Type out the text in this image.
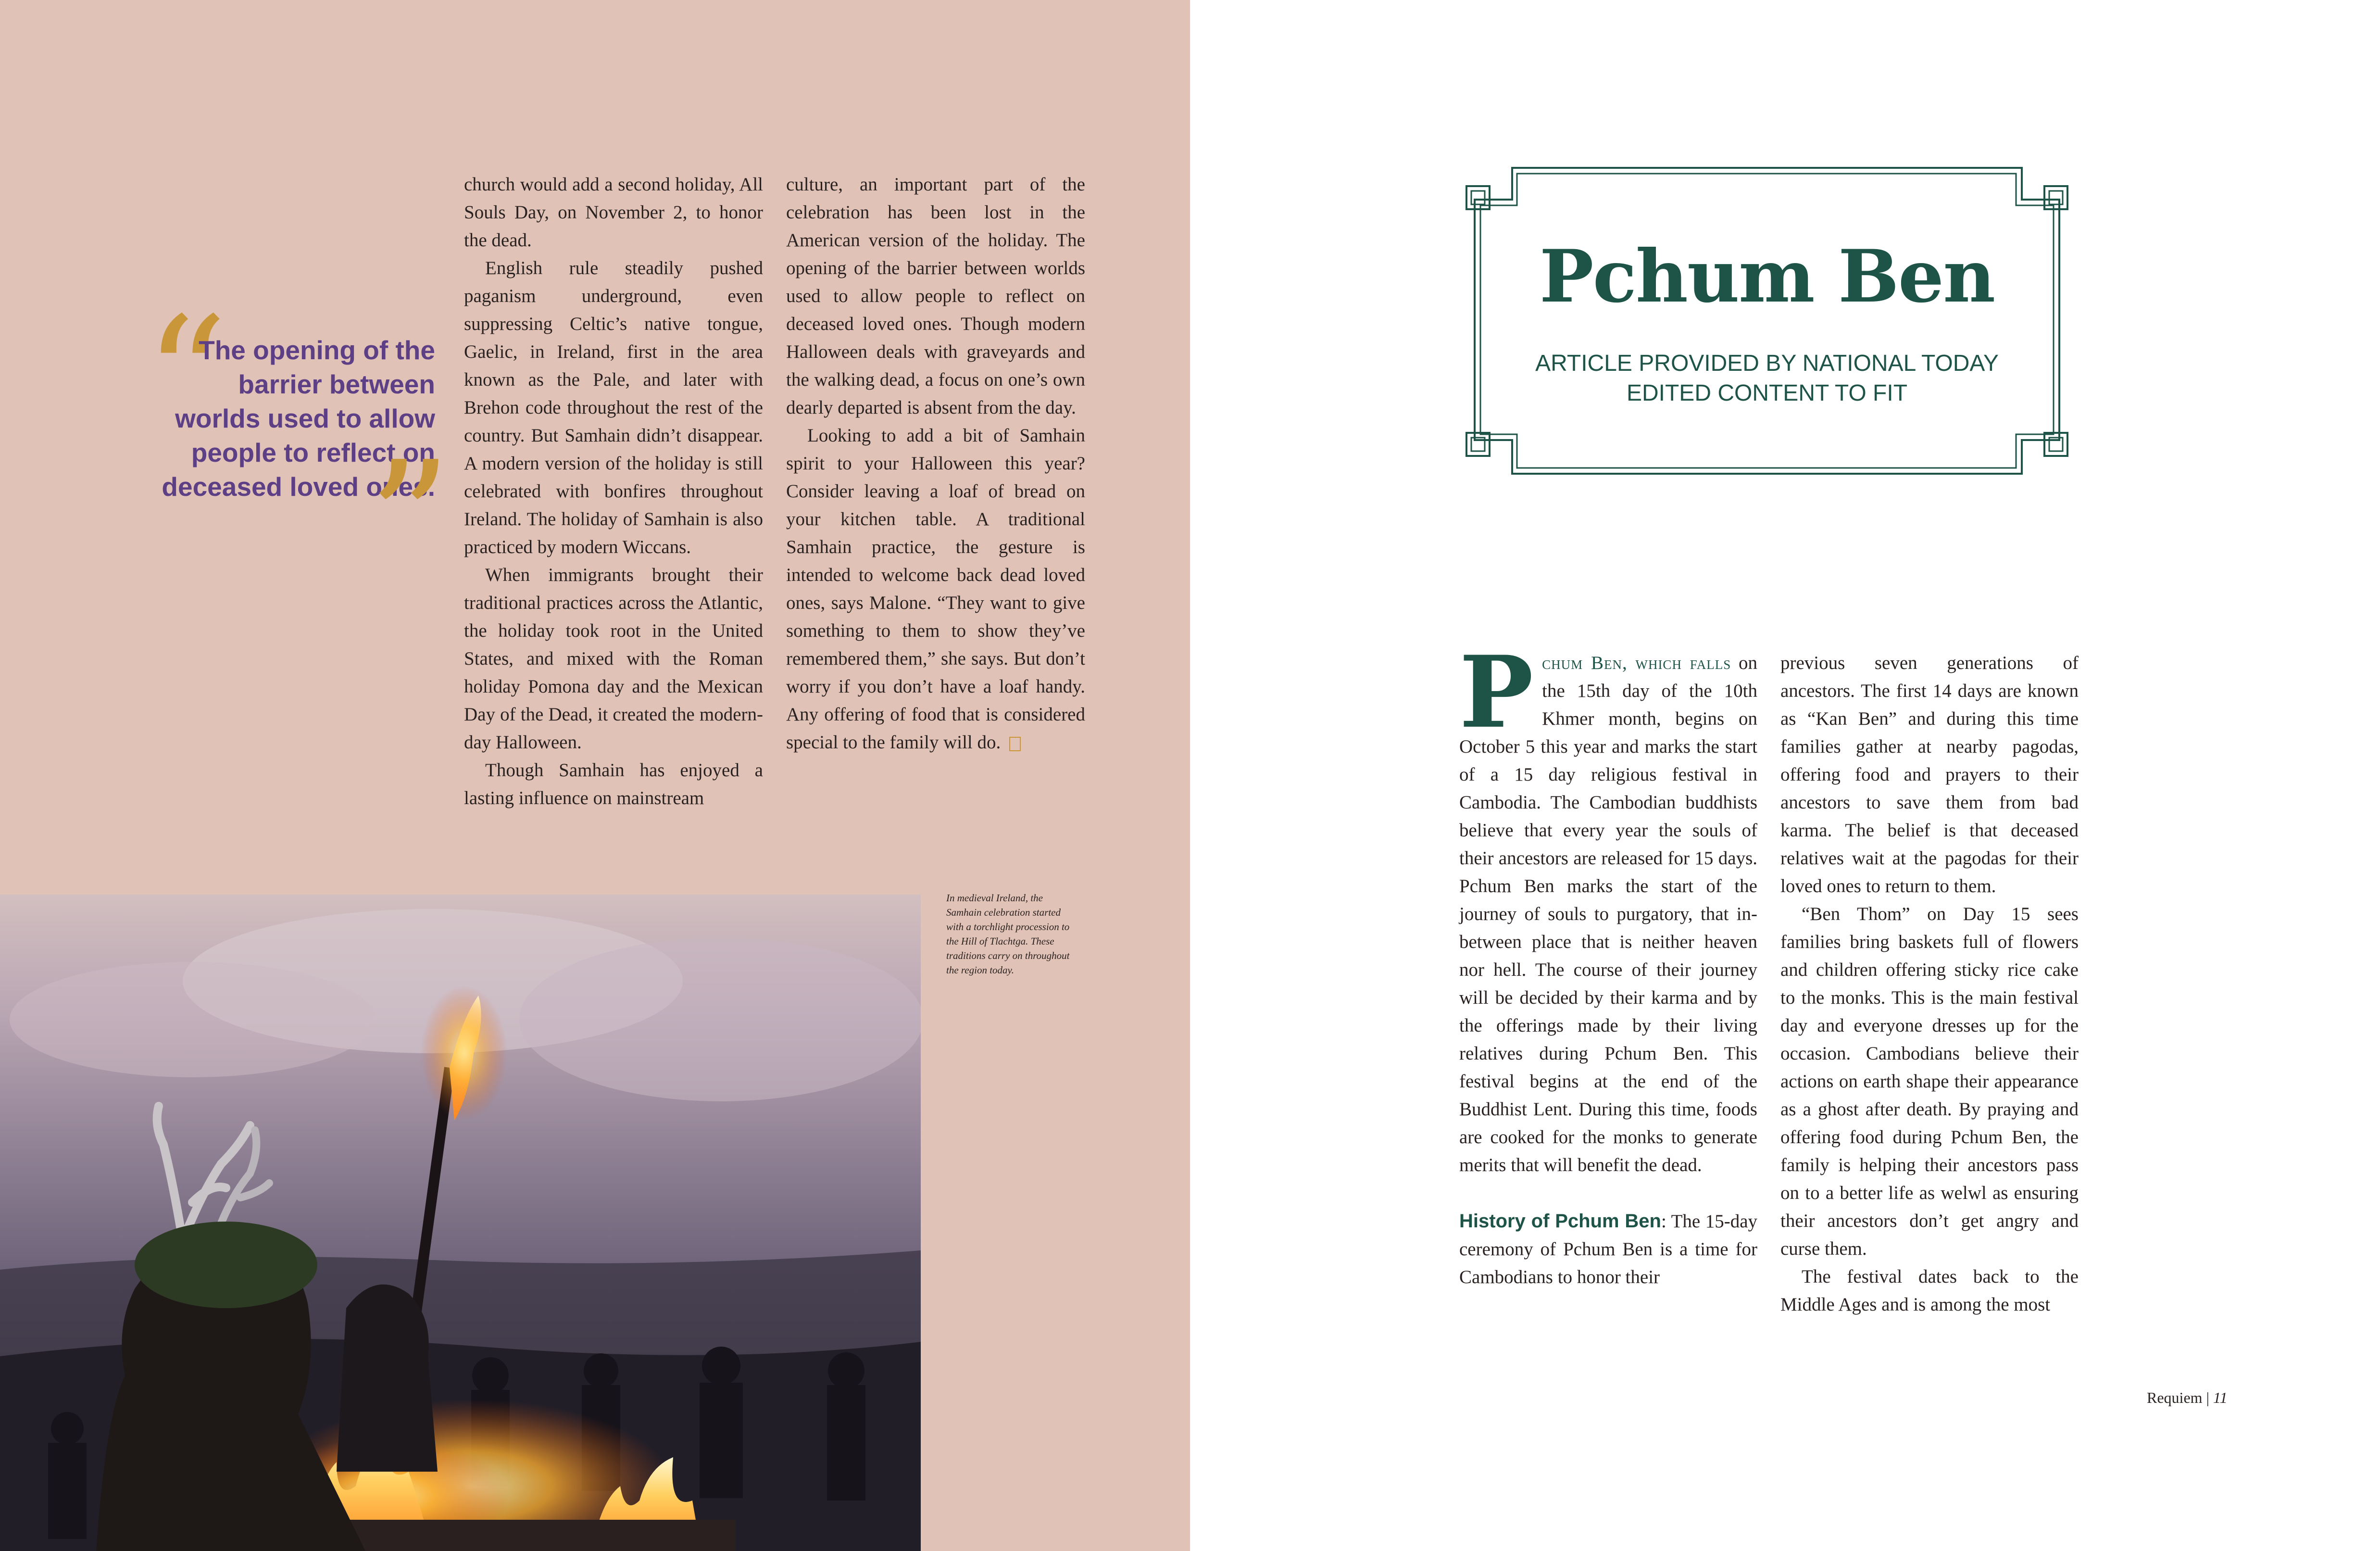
“
The opening of the barrier between worlds used to allow people to reflect on deceased loved ones.
”

church would add a second holiday, All Souls Day, on November 2, to honor the dead.

English rule steadily pushed paganism underground, even suppressing Celtic’s native tongue, Gaelic, in Ireland, first in the area known as the Pale, and later with Brehon code throughout the rest of the country. But Samhain didn’t disappear. A modern version of the holiday is still celebrated with bonfires throughout Ireland. The holiday of Samhain is also practiced by modern Wiccans.

When immigrants brought their traditional practices across the Atlantic, the holiday took root in the United States, and mixed with the Roman holiday Pomona day and the Mexican Day of the Dead, it created the modern-day Halloween.

Though Samhain has enjoyed a lasting influence on mainstream

culture, an important part of the celebration has been lost in the American version of the holiday. The opening of the barrier between worlds used to allow people to reflect on deceased loved ones. Though modern Halloween deals with graveyards and the walking dead, a focus on one’s own dearly departed is absent from the day.

Looking to add a bit of Samhain spirit to your Halloween this year? Consider leaving a loaf of bread on your kitchen table. A traditional Samhain practice, the gesture is intended to welcome back dead loved ones, says Malone. “They want to give something to them to show they’ve remembered them,” she says. But don’t worry if you don’t have a loaf handy. Any offering of food that is considered special to the family will do.

In medieval Ireland, the Samhain celebration started with a torchlight procession to the Hill of Tlachtga. These traditions carry on throughout the region today.
Pchum Ben
ARTICLE PROVIDED BY NATIONAL TODAY
EDITED CONTENT TO FIT

Pchum Ben, which falls on the 15th day of the 10th Khmer month, begins on October 5 this year and marks the start of a 15 day religious festival in Cambodia. The Cambodian buddhists believe that every year the souls of their ancestors are released for 15 days. Pchum Ben marks the start of the journey of souls to purgatory, that in-between place that is neither heaven nor hell. The course of their journey will be decided by their karma and by the offerings made by their living relatives during Pchum Ben. This festival begins at the end of the Buddhist Lent. During this time, foods are cooked for the monks to generate merits that will benefit the dead.

History of Pchum Ben: The 15-day ceremony of Pchum Ben is a time for Cambodians to honor their

previous seven generations of ancestors. The first 14 days are known as “Kan Ben” and during this time families gather at nearby pagodas, offering food and prayers to their ancestors to save them from bad karma. The belief is that deceased relatives wait at the pagodas for their loved ones to return to them.

“Ben Thom” on Day 15 sees families bring baskets full of flowers and children offering sticky rice cake to the monks. This is the main festival day and everyone dresses up for the occasion. Cambodians believe their actions on earth shape their appearance as a ghost after death. By praying and offering food during Pchum Ben, the family is helping their ancestors pass on to a better life as welwl as ensuring their ancestors don’t get angry and curse them.

The festival dates back to the Middle Ages and is among the most

Requiem | 11
